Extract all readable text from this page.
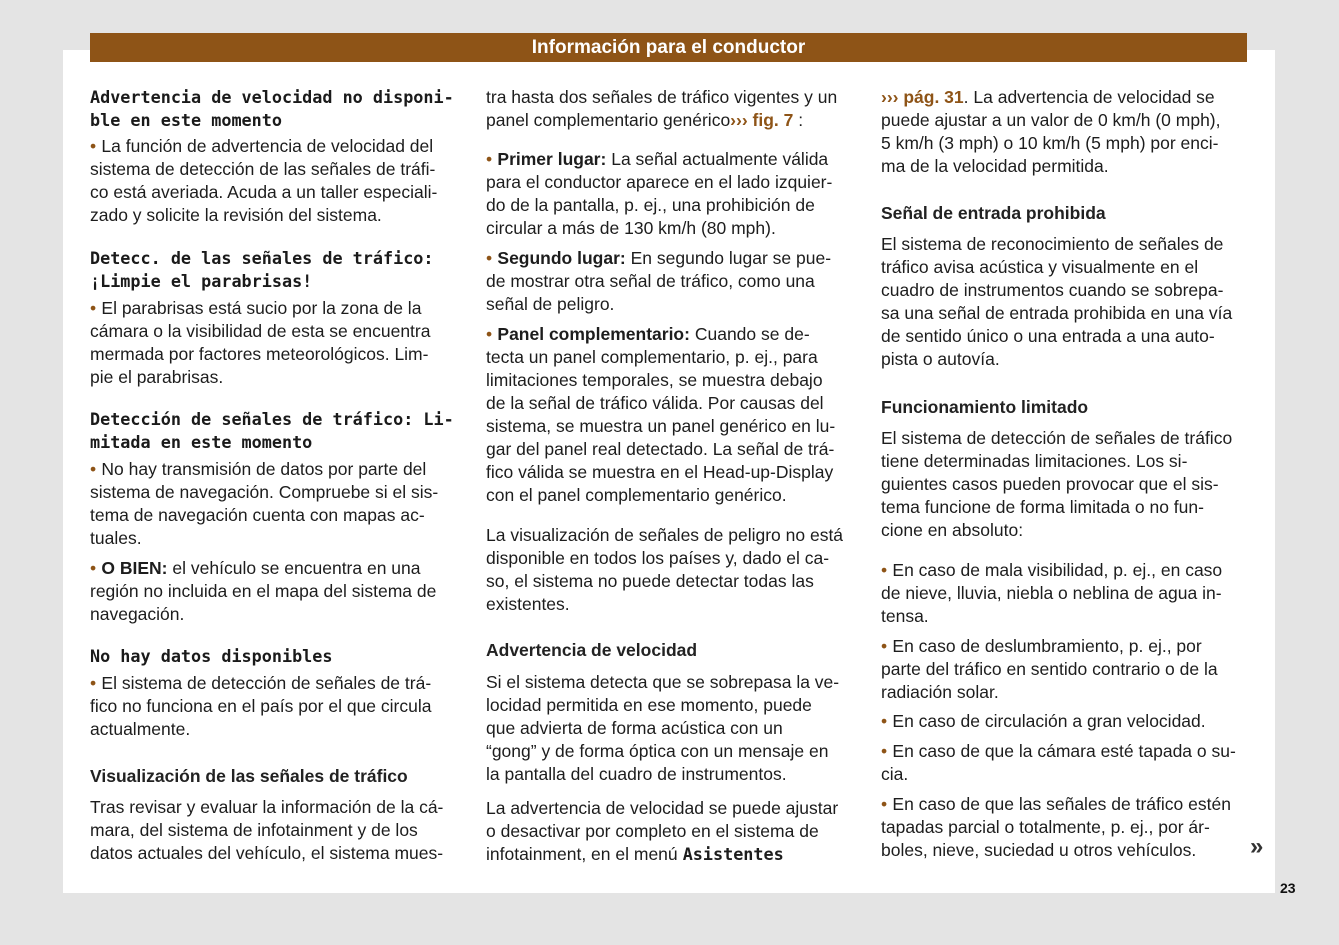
Información para el conductor
Advertencia de velocidad no disponi-
ble en este momento
• La función de advertencia de velocidad del
sistema de detección de las señales de tráfi-
co está averiada. Acuda a un taller especiali-
zado y solicite la revisión del sistema.
Detecc. de las señales de tráfico:
¡Limpie el parabrisas!
• El parabrisas está sucio por la zona de la
cámara o la visibilidad de esta se encuentra
mermada por factores meteorológicos. Lim-
pie el parabrisas.
Detección de señales de tráfico: Li-
mitada en este momento
• No hay transmisión de datos por parte del
sistema de navegación. Compruebe si el sis-
tema de navegación cuenta con mapas ac-
tuales.
• O BIEN: el vehículo se encuentra en una
región no incluida en el mapa del sistema de
navegación.
No hay datos disponibles
• El sistema de detección de señales de trá-
fico no funciona en el país por el que circula
actualmente.
Visualización de las señales de tráfico
Tras revisar y evaluar la información de la cá-
mara, del sistema de infotainment y de los
datos actuales del vehículo, el sistema mues-
tra hasta dos señales de tráfico vigentes y un
panel complementario genérico››› fig. 7 :
• Primer lugar: La señal actualmente válida
para el conductor aparece en el lado izquier-
do de la pantalla, p. ej., una prohibición de
circular a más de 130 km/h (80 mph).
• Segundo lugar: En segundo lugar se pue-
de mostrar otra señal de tráfico, como una
señal de peligro.
• Panel complementario: Cuando se de-
tecta un panel complementario, p. ej., para
limitaciones temporales, se muestra debajo
de la señal de tráfico válida. Por causas del
sistema, se muestra un panel genérico en lu-
gar del panel real detectado. La señal de trá-
fico válida se muestra en el Head-up-Display
con el panel complementario genérico.
La visualización de señales de peligro no está
disponible en todos los países y, dado el ca-
so, el sistema no puede detectar todas las
existentes.
Advertencia de velocidad
Si el sistema detecta que se sobrepasa la ve-
locidad permitida en ese momento, puede
que advierta de forma acústica con un
“gong” y de forma óptica con un mensaje en
la pantalla del cuadro de instrumentos.
La advertencia de velocidad se puede ajustar
o desactivar por completo en el sistema de
infotainment, en el menú Asistentes
››› pág. 31. La advertencia de velocidad se
puede ajustar a un valor de 0 km/h (0 mph),
5 km/h (3 mph) o 10 km/h (5 mph) por enci-
ma de la velocidad permitida.
Señal de entrada prohibida
El sistema de reconocimiento de señales de
tráfico avisa acústica y visualmente en el
cuadro de instrumentos cuando se sobrepa-
sa una señal de entrada prohibida en una vía
de sentido único o una entrada a una auto-
pista o autovía.
Funcionamiento limitado
El sistema de detección de señales de tráfico
tiene determinadas limitaciones. Los si-
guientes casos pueden provocar que el sis-
tema funcione de forma limitada o no fun-
cione en absoluto:
• En caso de mala visibilidad, p. ej., en caso
de nieve, lluvia, niebla o neblina de agua in-
tensa.
• En caso de deslumbramiento, p. ej., por
parte del tráfico en sentido contrario o de la
radiación solar.
• En caso de circulación a gran velocidad.
• En caso de que la cámara esté tapada o su-
cia.
• En caso de que las señales de tráfico estén
tapadas parcial o totalmente, p. ej., por ár-
boles, nieve, suciedad u otros vehículos.	»
23
